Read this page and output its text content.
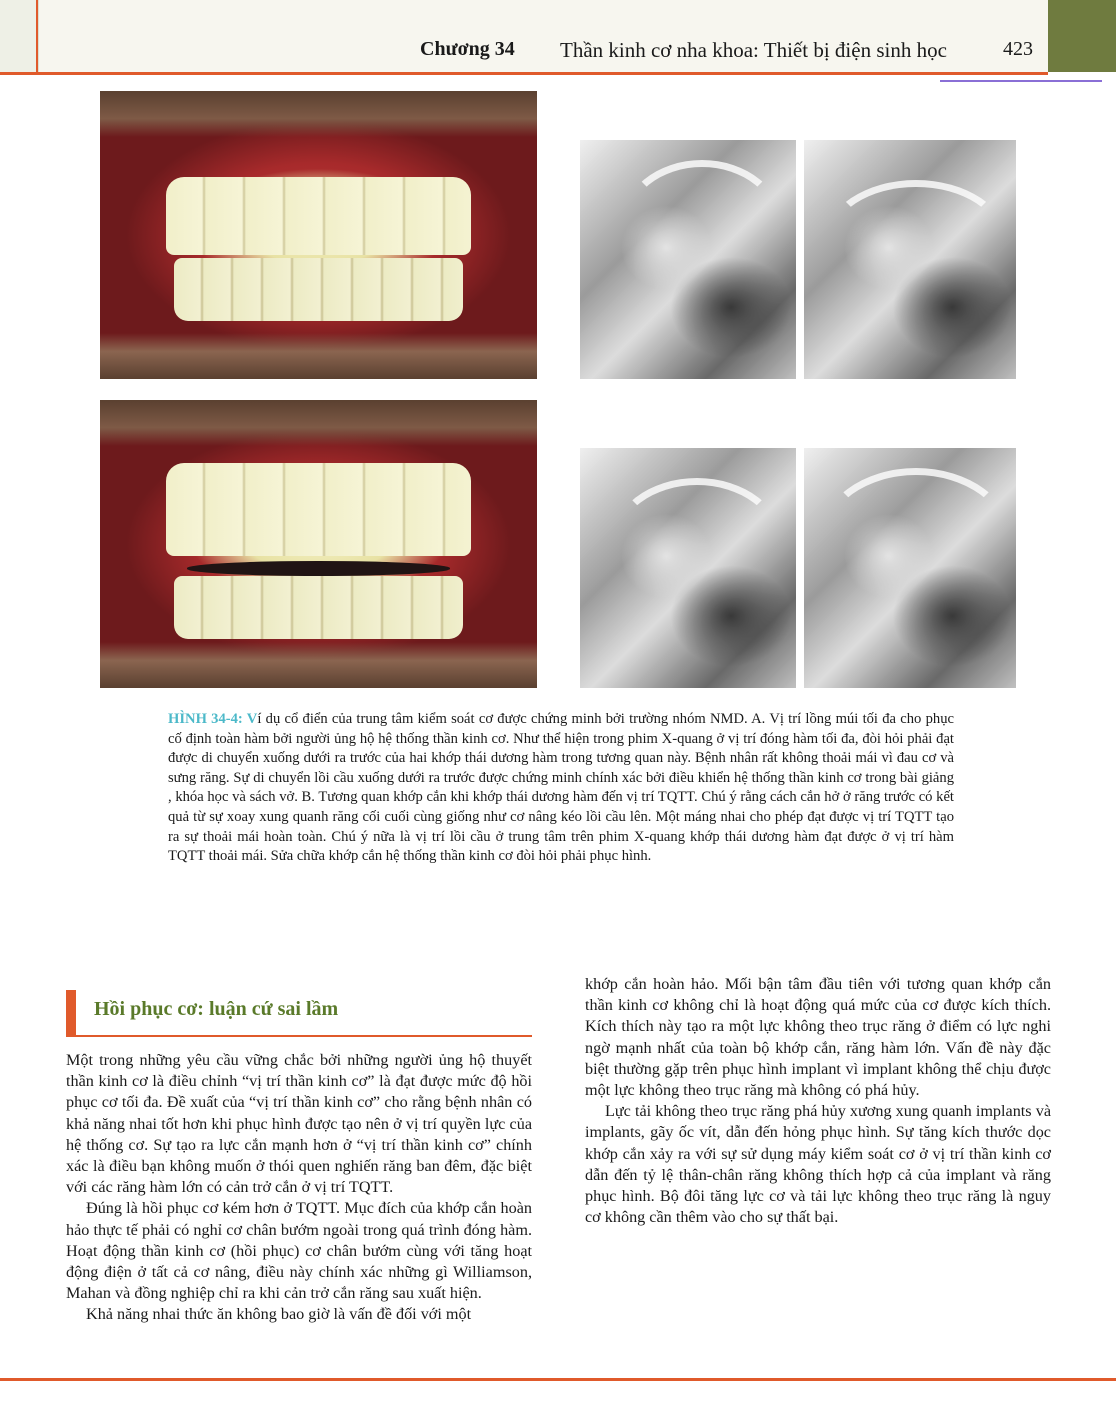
Chương 34 Thần kinh cơ nha khoa: Thiết bị điện sinh học	423
HÌNH 34-4: Ví dụ cổ điển của trung tâm kiểm soát cơ được chứng minh bởi trường nhóm NMD. A. Vị trí lồng múi tối đa cho phục cố định toàn hàm bởi người ủng hộ hệ thống thần kinh cơ. Như thể hiện trong phim X-quang ở vị trí đóng hàm tối đa, đòi hỏi phải đạt được di chuyển xuống dưới ra trước của hai khớp thái dương hàm trong tương quan này. Bệnh nhân rất không thoải mái vì đau cơ và sưng răng. Sự di chuyển lồi cầu xuống dưới ra trước được chứng minh chính xác bởi điều khiển hệ thống thần kinh cơ trong bài giảng , khóa học và sách vở. B. Tương quan khớp cắn khi khớp thái dương hàm đến vị trí TQTT. Chú ý rằng cách cắn hở ở răng trước có kết quả từ sự xoay xung quanh răng cối cuối cùng giống như cơ nâng kéo lồi cầu lên. Một máng nhai cho phép đạt được vị trí TQTT tạo ra sự thoải mái hoàn toàn. Chú ý nữa là vị trí lồi cầu ở trung tâm trên phim X-quang khớp thái dương hàm đạt được ở vị trí hàm TQTT thoải mái. Sửa chữa khớp cắn hệ thống thần kinh cơ đòi hỏi phải phục hình.
Hồi phục cơ: luận cứ sai lầm

Một trong những yêu cầu vững chắc bởi những người ủng hộ thuyết thần kinh cơ là điều chỉnh “vị trí thần kinh cơ” là đạt được mức độ hồi phục cơ tối đa. Đề xuất của “vị trí thần kinh cơ” cho rằng bệnh nhân có khả năng nhai tốt hơn khi phục hình được tạo nên ở vị trí quyền lực của hệ thống cơ. Sự tạo ra lực cắn mạnh hơn ở “vị trí thần kinh cơ” chính xác là điều bạn không muốn ở thói quen nghiến răng ban đêm, đặc biệt với các răng hàm lớn có cản trở cắn ở vị trí TQTT.

Đúng là hồi phục cơ kém hơn ở TQTT. Mục đích của khớp cắn hoàn hảo thực tế phải có nghỉ cơ chân bướm ngoài trong quá trình đóng hàm. Hoạt động thần kinh cơ (hồi phục) cơ chân bướm cùng với tăng hoạt động điện ở tất cả cơ nâng, điều này chính xác những gì Williamson, Mahan và đồng nghiệp chỉ ra khi cản trở cắn răng sau xuất hiện.

Khả năng nhai thức ăn không bao giờ là vấn đề đối với một

khớp cắn hoàn hảo. Mối bận tâm đầu tiên với tương quan khớp cắn thần kinh cơ không chỉ là hoạt động quá mức của cơ được kích thích. Kích thích này tạo ra một lực không theo trục răng ở điểm có lực nghi ngờ mạnh nhất của toàn bộ khớp cắn, răng hàm lớn. Vấn đề này đặc biệt thường gặp trên phục hình implant vì implant không thể chịu được một lực không theo trục răng mà không có phá hủy.

Lực tải không theo trục răng phá hủy xương xung quanh implants và implants, gãy ốc vít, dẫn đến hỏng phục hình. Sự tăng kích thước dọc khớp cắn xảy ra với sự sử dụng máy kiểm soát cơ ở vị trí thần kinh cơ dẫn đến tỷ lệ thân-chân răng không thích hợp cả của implant và răng phục hình. Bộ đôi tăng lực cơ và tải lực không theo trục răng là nguy cơ không cần thêm vào cho sự thất bại.
